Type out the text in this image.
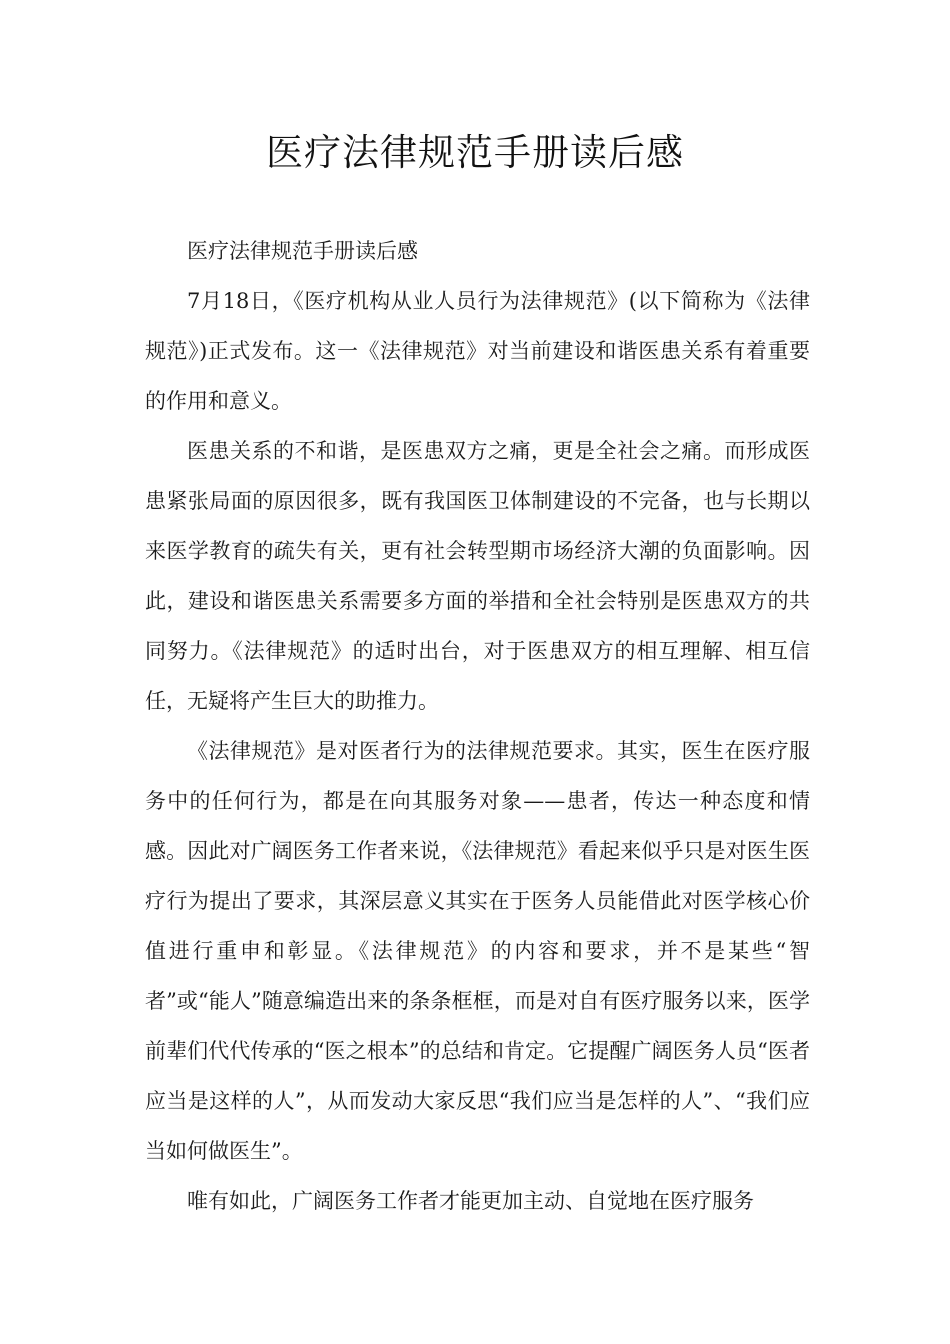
医疗法律规范手册读后感

医疗法律规范手册读后感

7月18日，《医疗机构从业人员行为法律规范》(以下简称为《法律规范》)正式发布。这一《法律规范》对当前建设和谐医患关系有着重要的作用和意义。

医患关系的不和谐，是医患双方之痛，更是全社会之痛。而形成医患紧张局面的原因很多，既有我国医卫体制建设的不完备，也与长期以来医学教育的疏失有关，更有社会转型期市场经济大潮的负面影响。因此，建设和谐医患关系需要多方面的举措和全社会特别是医患双方的共同努力。《法律规范》的适时出台，对于医患双方的相互理解、相互信任，无疑将产生巨大的助推力。

《法律规范》是对医者行为的法律规范要求。其实，医生在医疗服务中的任何行为，都是在向其服务对象——患者，传达一种态度和情感。因此对广阔医务工作者来说，《法律规范》看起来似乎只是对医生医疗行为提出了要求，其深层意义其实在于医务人员能借此对医学核心价值进行重申和彰显。《法律规范》的内容和要求，并不是某些“智者”或“能人”随意编造出来的条条框框，而是对自有医疗服务以来，医学前辈们代代传承的“医之根本”的总结和肯定。它提醒广阔医务人员“医者应当是这样的人”，从而发动大家反思“我们应当是怎样的人”、“我们应当如何做医生”。

唯有如此，广阔医务工作者才能更加主动、自觉地在医疗服务
